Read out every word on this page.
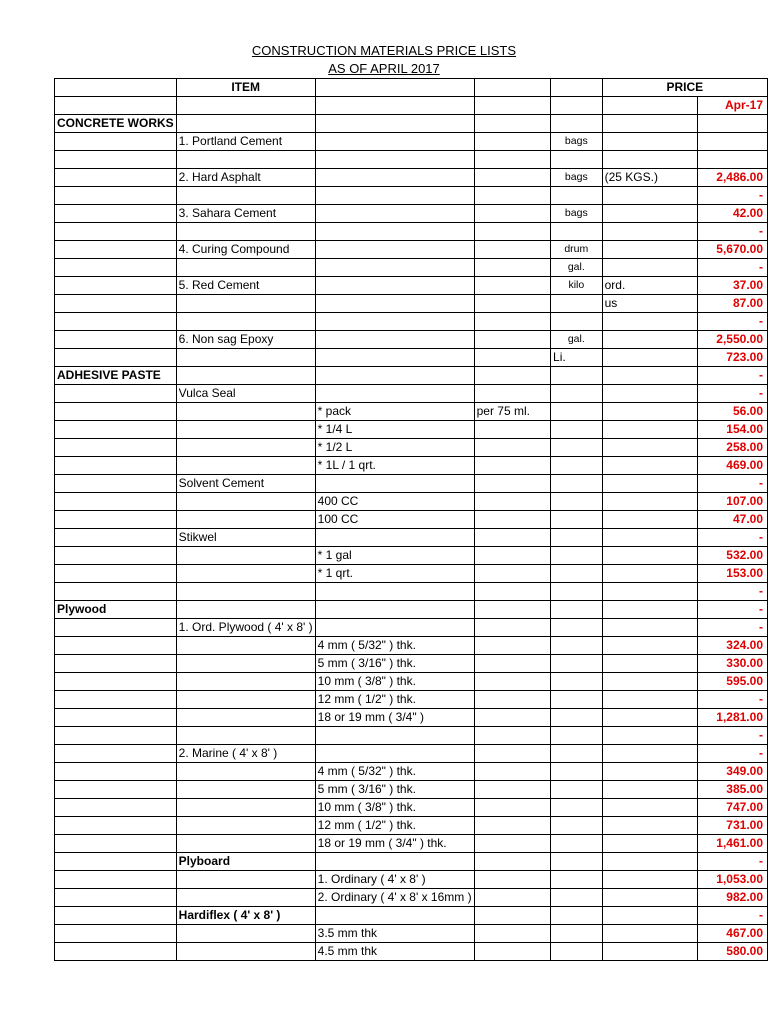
CONSTRUCTION MATERIALS PRICE LISTS
AS OF APRIL 2017
	ITEM				PRICE	
						Apr-17
CONCRETE WORKS						
	1. Portland Cement			bags		

	2. Hard Asphalt			bags	(25 KGS.)	2,486.00
						-
	3. Sahara Cement			bags		42.00
						-
	4. Curing Compound			drum		5,670.00
				gal.		-
	5. Red Cement			kilo	ord.	37.00
					us	87.00
						-
	6. Non sag Epoxy			gal.		2,550.00
				Li.		723.00
ADHESIVE PASTE						-
	Vulca Seal					-
		* pack	per 75 ml.			56.00
		* 1/4 L				154.00
		* 1/2 L				258.00
		* 1L / 1 qrt.				469.00
	Solvent Cement					-
		400 CC				107.00
		100 CC				47.00
	Stikwel					-
		* 1 gal				532.00
		* 1 qrt.				153.00
						-
Plywood						-
	1. Ord. Plywood ( 4' x 8' )					-
		4 mm ( 5/32" ) thk.				324.00
		5 mm ( 3/16" ) thk.				330.00
		10 mm ( 3/8" ) thk.				595.00
		12 mm ( 1/2" ) thk.				-
		18 or 19 mm ( 3/4" )				1,281.00
						-
	2. Marine ( 4' x 8' )					-
		4 mm ( 5/32" ) thk.				349.00
		5 mm ( 3/16" ) thk.				385.00
		10 mm ( 3/8" ) thk.				747.00
		12 mm ( 1/2" ) thk.				731.00
		18 or 19 mm ( 3/4" ) thk.				1,461.00
	Plyboard					-
		1. Ordinary ( 4' x 8' )				1,053.00
		2. Ordinary ( 4' x 8' x 16mm )				982.00
	Hardiflex ( 4' x 8' )					-
		3.5 mm thk				467.00
		4.5 mm thk				580.00
